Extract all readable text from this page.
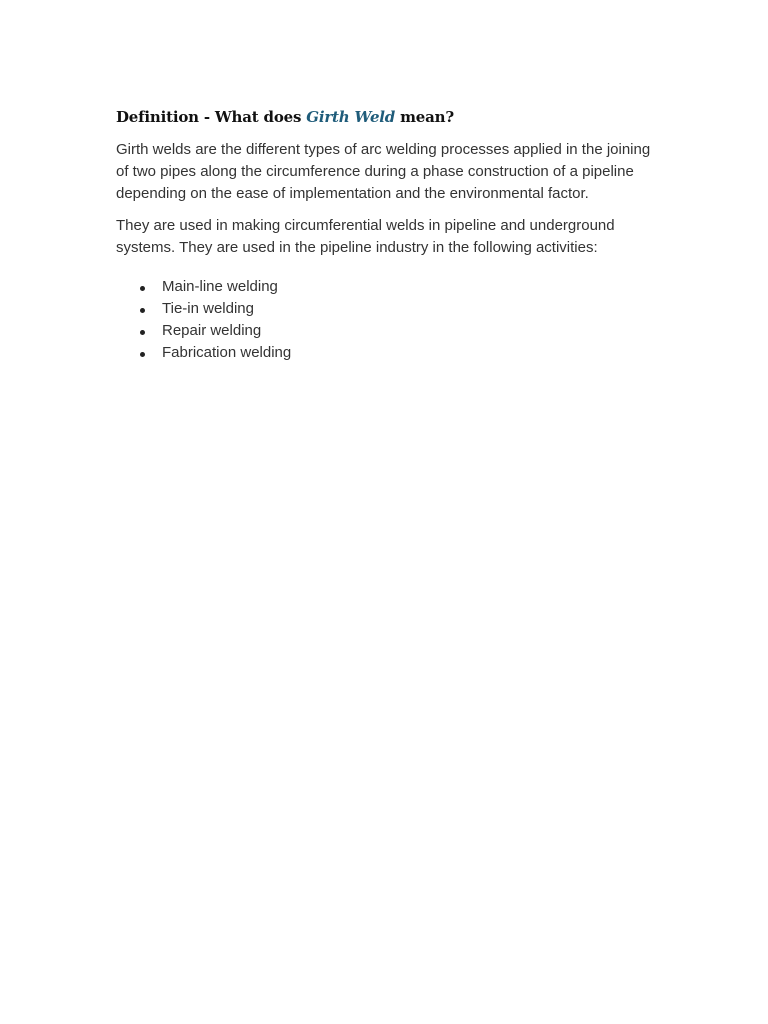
Definition - What does Girth Weld mean?

Girth welds are the different types of arc welding processes applied in the joining of two pipes along the circumference during a phase construction of a pipeline depending on the ease of implementation and the environmental factor.

They are used in making circumferential welds in pipeline and underground systems. They are used in the pipeline industry in the following activities:

Main-line welding
Tie-in welding
Repair welding
Fabrication welding
